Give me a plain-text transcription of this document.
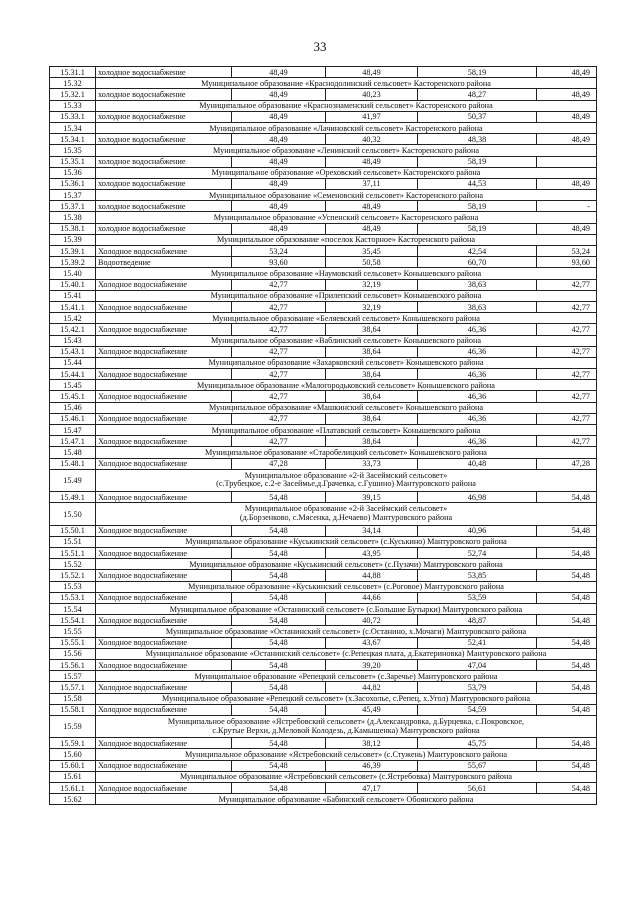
33
15.31.1	холодное водоснабжение	48,49	48,49	58,19	48,49
15.32	Муниципальное образование «Краснодолинский сельсовет» Касторенского района				
15.32.1	холодное водоснабжение	48,49	40,23	48,27	48,49
15.33	Муниципальное образование «Краснознаменский сельсовет» Касторенского района				
15.33.1	холодное водоснабжение	48,49	41,97	50,37	48,49
15.34	Муниципальное образование «Лачиновский сельсовет» Касторенского района				
15.34.1	холодное водоснабжение	48,49	40,32	48,38	48,49
15.35	Муниципальное образование «Ленинский сельсовет» Касторенского района				
15.35.1	холодное водоснабжение	48,49	48,49	58,19	
15.36	Муниципальное образование «Ореховский сельсовет» Касторенского района				
15.36.1	холодное водоснабжение	48,49	37,11	44,53	48,49
15.37	Муниципальное образование «Семеновский сельсовет» Касторенского района				
15.37.1	холодное водоснабжение	48,49	48,49	58,19	-
15.38	Муниципальное образование «Успенский сельсовет» Касторенского района				
15.38.1	холодное водоснабжение	48,49	48,49	58,19	48,49
15.39	Муниципальное образование «поселок Касторное» Касторенского района				
15.39.1	Холодное водоснабжение	53,24	35,45	42,54	53,24
15.39.2	Водоотведение	93,60	50,58	60,70	93,60
15.40	Муниципальное образование «Наумовский сельсовет» Конышевского района				
15.40.1	Холодное водоснабжение	42,77	32,19	38,63	42,77
15.41	Муниципальное образование «Прилепский сельсовет» Конышевского района				
15.41.1	Холодное водоснабжение	42,77	32,19	38,63	42,77
15.42	Муниципальное образование «Беляевский сельсовет» Конышевского района				
15.42.1	Холодное водоснабжение	42,77	38,64	46,36	42,77
15.43	Муниципальное образование «Ваблинский сельсовет» Конышевского района				
15.43.1	Холодное водоснабжение	42,77	38,64	46,36	42,77
15.44	Муниципальное образование «Захарковский сельсовет» Конышевского района				
15.44.1	Холодное водоснабжение	42,77	38,64	46,36	42,77
15.45	Муниципальное образование «Малогородьковский сельсовет» Конышевского района				
15.45.1	Холодное водоснабжение	42,77	38,64	46,36	42,77
15.46	Муниципальное образование «Машкинский сельсовет» Конышевского района				
15.46.1	Холодное водоснабжение	42,77	38,64	46,36	42,77
15.47	Муниципальное образование «Платавский сельсовет» Конышевского района				
15.47.1	Холодное водоснабжение	42,77	38,64	46,36	42,77
15.48	Муниципальное образование «Старобелицкий сельсовет» Конышевского района				
15.48.1	Холодное водоснабжение	47,28	33,73	40,48	47,28
15.49	Муниципальное образование «2-й Засеймский сельсовет»
(с.Трубецкое, с.2-е Засеймье,д.Грачевка, с.Гушино) Мантуровского района				

15.49.1	Холодное водоснабжение	54,48	39,15	46,98	54,48
15.50	Муниципальное образование «2-й Засеймский сельсовет»
(д.Борзенково, с.Мясенка, д.Нечаево) Мантуровского района				

15.50.1	Холодное водоснабжение	54,48	34,14	40,96	54,48
15.51	Муниципальное образование «Куськинский сельсовет» (с.Куськино) Мантуровского района				
15.51.1	Холодное водоснабжение	54,48	43,95	52,74	54,48
15.52	Муниципальное образование «Куськинский сельсовет» (с.Пузачи) Мантуровского района				
15.52.1	Холодное водоснабжение	54,48	44,88	53,85	54,48
15.53	Муниципальное образование «Куськинский сельсовет» (с.Роговое) Мантуровского района				
15.53.1	Холодное водоснабжение	54,48	44,66	53,59	54,48
15.54	Муниципальное образование «Останинский сельсовет» (с.Большие Бутырки) Мантуровского района				
15.54.1	Холодное водоснабжение	54,48	40,72	48,87	54,48
15.55	Муниципальное образование «Останинский сельсовет» (с.Останино, х.Мочаги) Мантуровского района				
15.55.1	Холодное водоснабжение	54,48	43,67	52,41	54,48
15.56	Муниципальное образование «Останинский сельсовет» (с.Репецкая плата, д.Екатериновка) Мантуровского района				
15.56.1	Холодное водоснабжение	54,48	39,20	47,04	54,48
15.57	Муниципальное образование «Репецкий сельсовет» (с.Заречье) Мантуровского района				
15.57.1	Холодное водоснабжение	54,48	44,82	53,79	54,48
15.58	Муниципальное образование «Репецкий сельсовет» (х.Засохолье, с.Репец, х.Угол) Мантуровского района				
15.58.1	Холодное водоснабжение	54,48	45,49	54,59	54,48
15.59	Муниципальное образование «Ястребовский сельсовет» (д.Александровка, д.Бурцевка, с.Покровское,
с.Крутые Верхи, д.Меловой Колодезь, д.Камышенка) Мантуровского района				

15.59.1	Холодное водоснабжение	54,48	38,12	45,75	54,48
15.60	Муниципальное образование «Ястребовский сельсовет» (с.Стужень) Мантуровского района				
15.60.1	Холодное водоснабжение	54,48	46,39	55,67	54,48
15.61	Муниципальное образование «Ястребовский сельсовет» (с.Ястребовка) Мантуровского района				
15.61.1	Холодное водоснабжение	54,48	47,17	56,61	54,48
15.62	Муниципальное образование «Бабинский сельсовет» Обоянского района				
